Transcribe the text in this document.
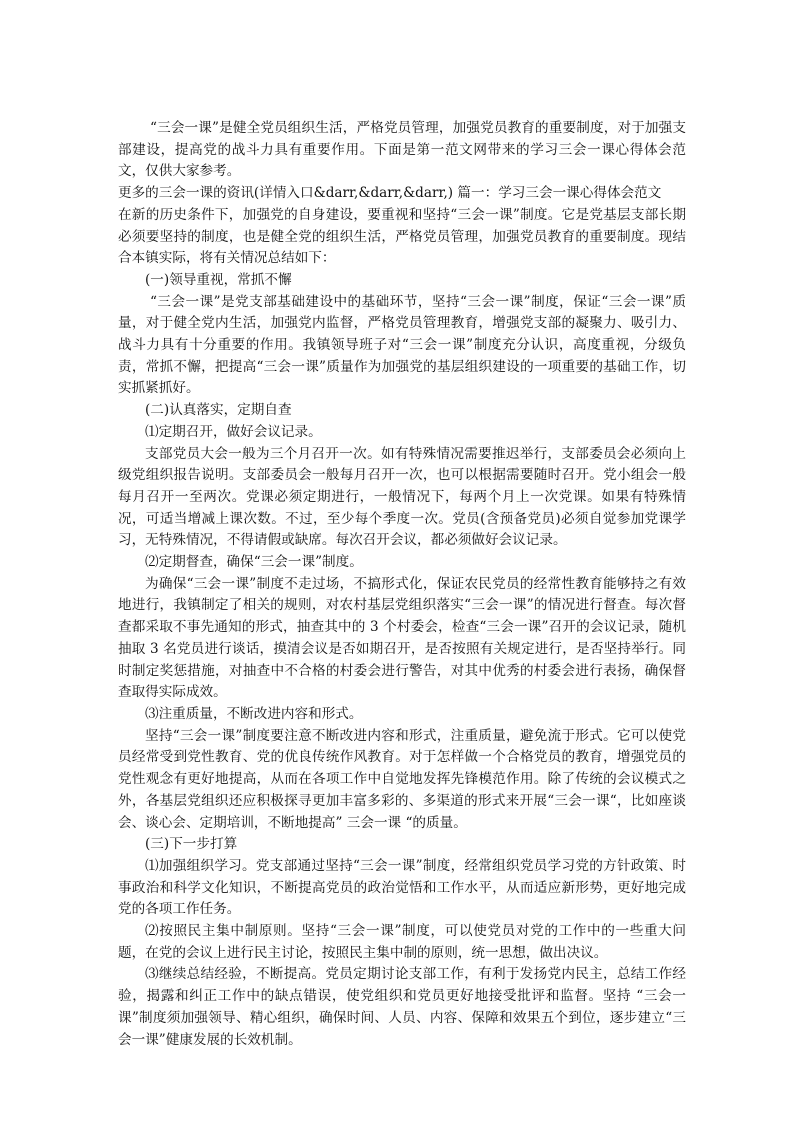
“三会一课”是健全党员组织生活，严格党员管理，加强党员教育的重要制度，对于加强支部建设，提高党的战斗力具有重要作用。下面是第一范文网带来的学习三会一课心得体会范文，仅供大家参考。

更多的三会一课的资讯(详情入口&darr,&darr,&darr,) 篇一：学习三会一课心得体会范文

在新的历史条件下，加强党的自身建设，要重视和坚持“三会一课”制度。它是党基层支部长期必须要坚持的制度，也是健全党的组织生活，严格党员管理，加强党员教育的重要制度。现结合本镇实际，将有关情况总结如下：

(一)领导重视，常抓不懈

“三会一课”是党支部基础建设中的基础环节，坚持“三会一课”制度，保证“三会一课”质量，对于健全党内生活，加强党内监督，严格党员管理教育，增强党支部的凝聚力、吸引力、战斗力具有十分重要的作用。我镇领导班子对“三会一课”制度充分认识，高度重视，分级负责，常抓不懈，把提高“三会一课”质量作为加强党的基层组织建设的一项重要的基础工作，切实抓紧抓好。

(二)认真落实，定期自查

⑴定期召开，做好会议记录。

支部党员大会一般为三个月召开一次。如有特殊情况需要推迟举行，支部委员会必须向上级党组织报告说明。支部委员会一般每月召开一次，也可以根据需要随时召开。党小组会一般每月召开一至两次。党课必须定期进行，一般情况下，每两个月上一次党课。如果有特殊情况，可适当增减上课次数。不过，至少每个季度一次。党员(含预备党员)必须自觉参加党课学习，无特殊情况，不得请假或缺席。每次召开会议，都必须做好会议记录。

⑵定期督查，确保“三会一课”制度。

为确保“三会一课”制度不走过场，不搞形式化，保证农民党员的经常性教育能够持之有效地进行，我镇制定了相关的规则，对农村基层党组织落实“三会一课”的情况进行督查。每次督查都采取不事先通知的形式，抽查其中的 3 个村委会，检查“三会一课”召开的会议记录，随机抽取 3 名党员进行谈话，摸清会议是否如期召开，是否按照有关规定进行，是否坚持举行。同时制定奖惩措施，对抽查中不合格的村委会进行警告，对其中优秀的村委会进行表扬，确保督查取得实际成效。

⑶注重质量，不断改进内容和形式。

坚持“三会一课”制度要注意不断改进内容和形式，注重质量，避免流于形式。它可以使党员经常受到党性教育、党的优良传统作风教育。对于怎样做一个合格党员的教育，增强党员的党性观念有更好地提高，从而在各项工作中自觉地发挥先锋模范作用。除了传统的会议模式之外，各基层党组织还应积极探寻更加丰富多彩的、多渠道的形式来开展“三会一课“，比如座谈会、谈心会、定期培训，不断地提高” 三会一课 “的质量。

(三)下一步打算

⑴加强组织学习。党支部通过坚持“三会一课”制度，经常组织党员学习党的方针政策、时事政治和科学文化知识，不断提高党员的政治觉悟和工作水平，从而适应新形势，更好地完成党的各项工作任务。

⑵按照民主集中制原则。坚持“三会一课”制度，可以使党员对党的工作中的一些重大问题，在党的会议上进行民主讨论，按照民主集中制的原则，统一思想，做出决议。

⑶继续总结经验，不断提高。党员定期讨论支部工作，有利于发扬党内民主，总结工作经验，揭露和纠正工作中的缺点错误，使党组织和党员更好地接受批评和监督。坚持 “三会一课”制度须加强领导、精心组织，确保时间、人员、内容、保障和效果五个到位，逐步建立“三会一课”健康发展的长效机制。
